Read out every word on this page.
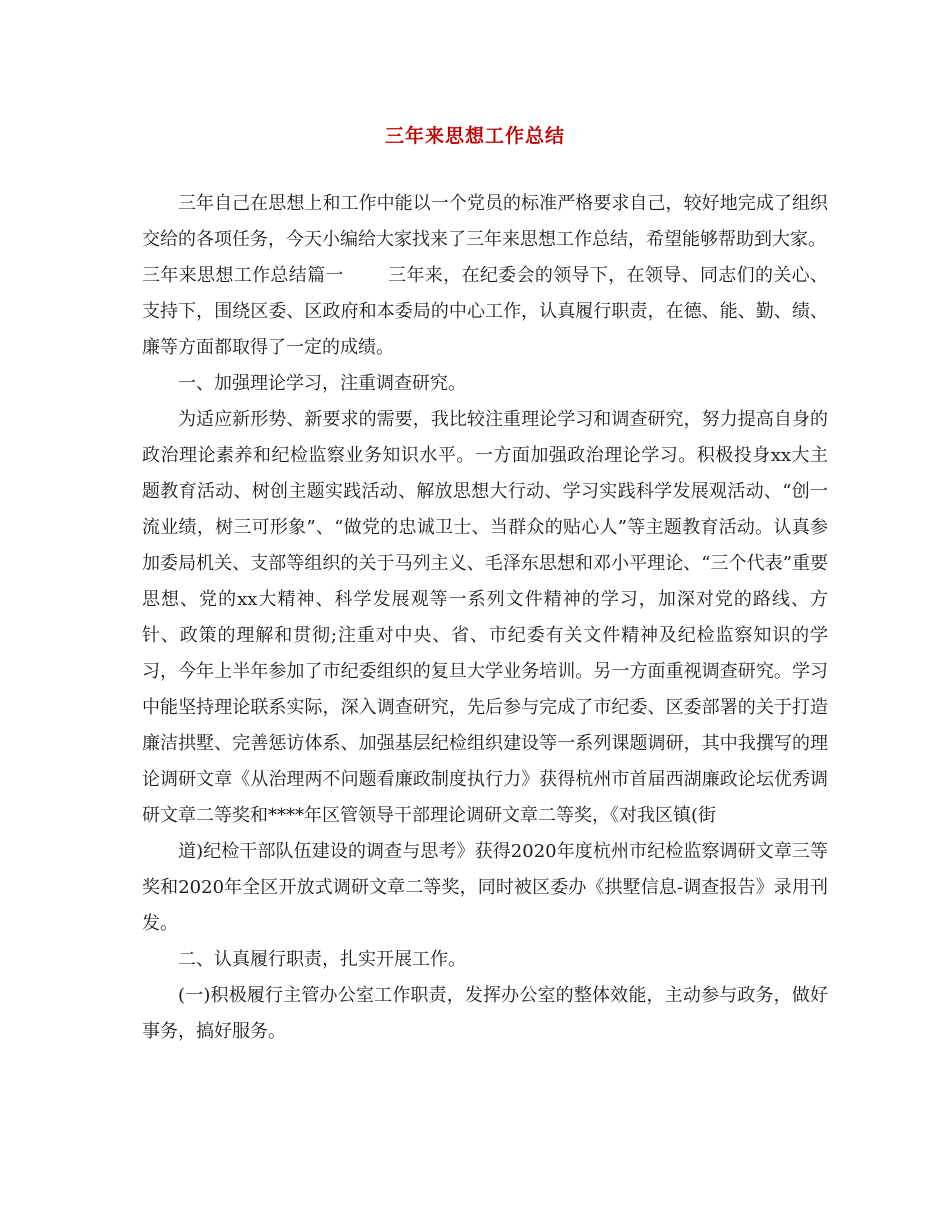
三年来思想工作总结

三年自己在思想上和工作中能以一个党员的标准严格要求自己，较好地完成了组织交给的各项任务，今天小编给大家找来了三年来思想工作总结，希望能够帮助到大家。

三年来思想工作总结篇一 三年来，在纪委会的领导下，在领导、同志们的关心、支持下，围绕区委、区政府和本委局的中心工作，认真履行职责，在德、能、勤、绩、廉等方面都取得了一定的成绩。

一、加强理论学习，注重调查研究。

为适应新形势、新要求的需要，我比较注重理论学习和调查研究，努力提高自身的政治理论素养和纪检监察业务知识水平。一方面加强政治理论学习。积极投身xx大主题教育活动、树创主题实践活动、解放思想大行动、学习实践科学发展观活动、“创一流业绩，树三可形象”、“做党的忠诚卫士、当群众的贴心人”等主题教育活动。认真参加委局机关、支部等组织的关于马列主义、毛泽东思想和邓小平理论、“三个代表”重要思想、党的xx大精神、科学发展观等一系列文件精神的学习，加深对党的路线、方针、政策的理解和贯彻;注重对中央、省、市纪委有关文件精神及纪检监察知识的学习，今年上半年参加了市纪委组织的复旦大学业务培训。另一方面重视调查研究。学习中能坚持理论联系实际，深入调查研究，先后参与完成了市纪委、区委部署的关于打造廉洁拱墅、完善惩访体系、加强基层纪检组织建设等一系列课题调研，其中我撰写的理论调研文章《从治理两不问题看廉政制度执行力》获得杭州市首届西湖廉政论坛优秀调研文章二等奖和****年区管领导干部理论调研文章二等奖，《对我区镇(街

道)纪检干部队伍建设的调查与思考》获得2020年度杭州市纪检监察调研文章三等奖和2020年全区开放式调研文章二等奖，同时被区委办《拱墅信息-调查报告》录用刊发。

二、认真履行职责，扎实开展工作。

(一)积极履行主管办公室工作职责，发挥办公室的整体效能，主动参与政务，做好事务，搞好服务。
